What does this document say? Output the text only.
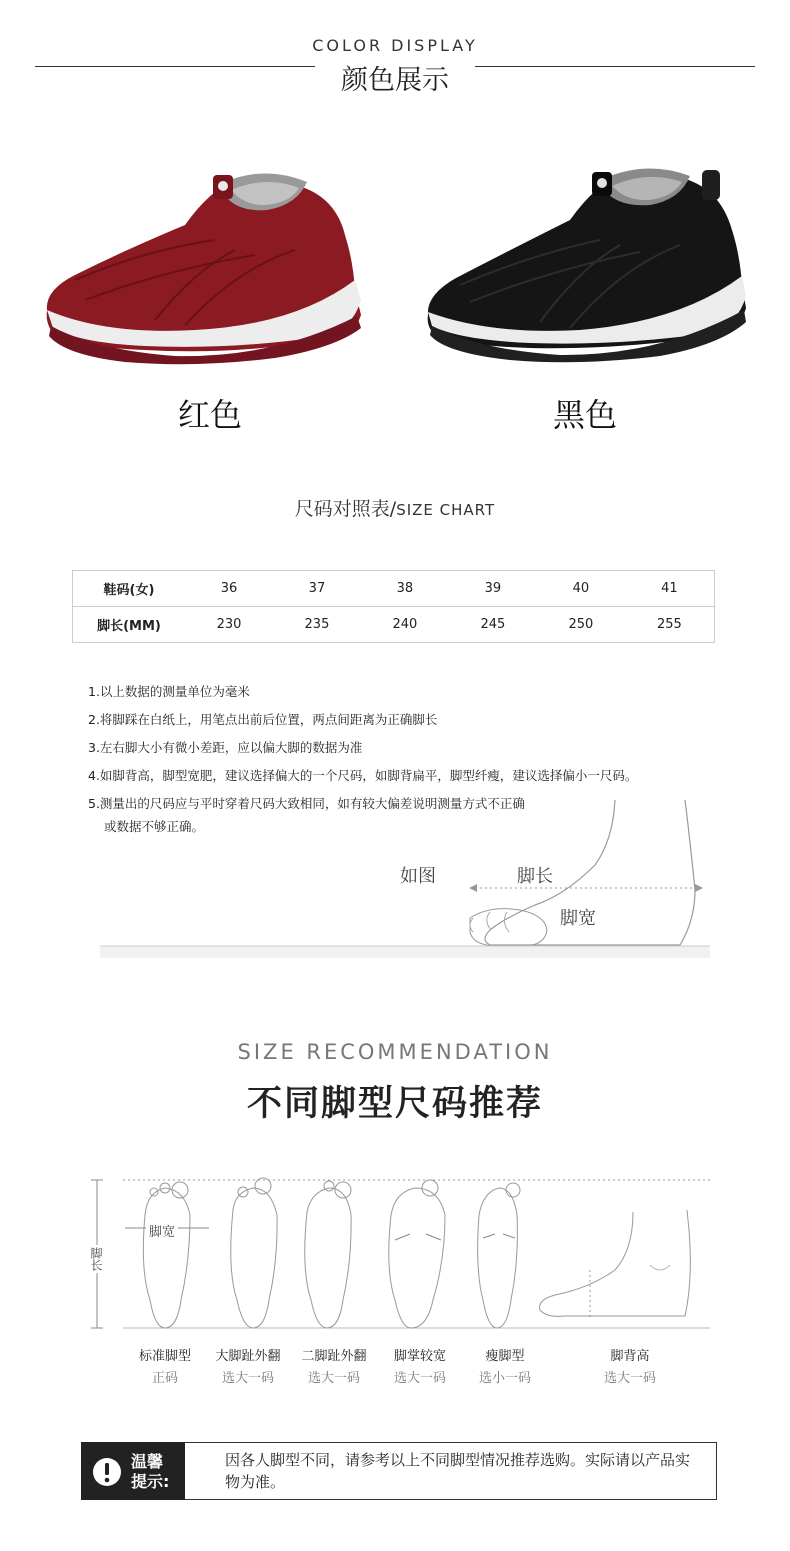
COLOR DISPLAY
颜色展示
红色	黑色
尺码对照表/SIZE CHART
鞋码(女)	36	37	38	39	40	41
脚长(MM)	230	235	240	245	250	255
1.以上数据的测量单位为毫米
2.将脚踩在白纸上，用笔点出前后位置，两点间距离为正确脚长
3.左右脚大小有微小差距，应以偏大脚的数据为准
4.如脚背高，脚型宽肥，建议选择偏大的一个尺码，如脚背扁平，脚型纤瘦，建议选择偏小一尺码。
5.测量出的尺码应与平时穿着尺码大致相同，如有较大偏差说明测量方式不正确
或数据不够正确。
如图	脚长
脚宽
SIZE RECOMMENDATION
不同脚型尺码推荐
脚宽
脚长
标准脚型
正码
大脚趾外翻
选大一码
二脚趾外翻
选大一码
脚掌较宽
选大一码
瘦脚型
选小一码
脚背高
选大一码
温馨
提示:
因各人脚型不同，请参考以上不同脚型情况推荐选购。实际请以产品实物为准。
